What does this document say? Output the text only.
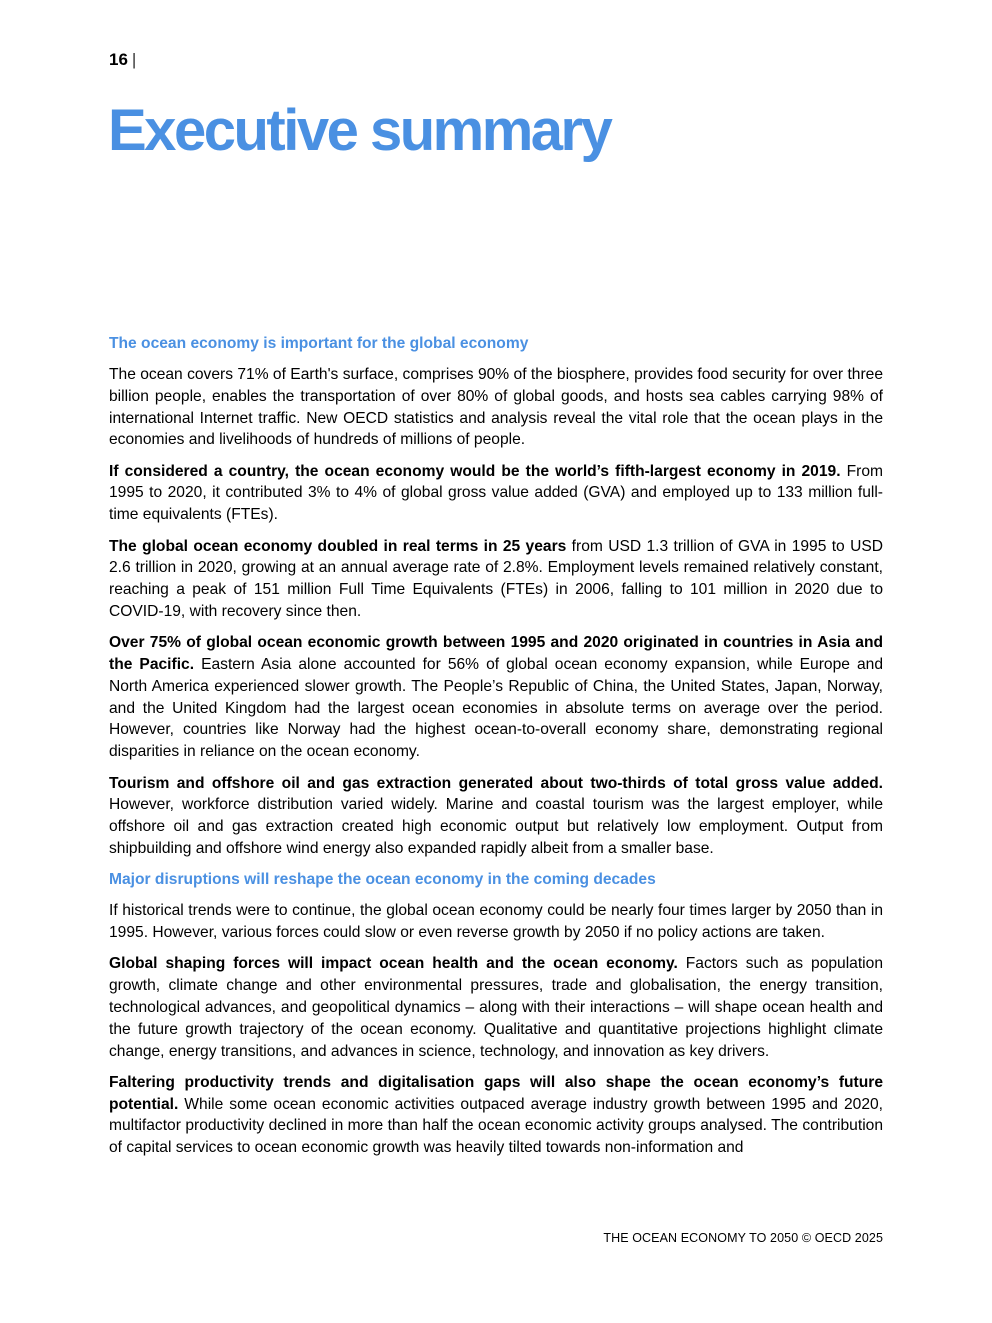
16 |
Executive summary
The ocean economy is important for the global economy

The ocean covers 71% of Earth's surface, comprises 90% of the biosphere, provides food security for over three billion people, enables the transportation of over 80% of global goods, and hosts sea cables carrying 98% of international Internet traffic. New OECD statistics and analysis reveal the vital role that the ocean plays in the economies and livelihoods of hundreds of millions of people.

If considered a country, the ocean economy would be the world’s fifth-largest economy in 2019. From 1995 to 2020, it contributed 3% to 4% of global gross value added (GVA) and employed up to 133 million full-time equivalents (FTEs).

The global ocean economy doubled in real terms in 25 years from USD 1.3 trillion of GVA in 1995 to USD 2.6 trillion in 2020, growing at an annual average rate of 2.8%. Employment levels remained relatively constant, reaching a peak of 151 million Full Time Equivalents (FTEs) in 2006, falling to 101 million in 2020 due to COVID-19, with recovery since then.

Over 75% of global ocean economic growth between 1995 and 2020 originated in countries in Asia and the Pacific. Eastern Asia alone accounted for 56% of global ocean economy expansion, while Europe and North America experienced slower growth. The People’s Republic of China, the United States, Japan, Norway, and the United Kingdom had the largest ocean economies in absolute terms on average over the period. However, countries like Norway had the highest ocean-to-overall economy share, demonstrating regional disparities in reliance on the ocean economy.

Tourism and offshore oil and gas extraction generated about two-thirds of total gross value added. However, workforce distribution varied widely. Marine and coastal tourism was the largest employer, while offshore oil and gas extraction created high economic output but relatively low employment. Output from shipbuilding and offshore wind energy also expanded rapidly albeit from a smaller base.

Major disruptions will reshape the ocean economy in the coming decades

If historical trends were to continue, the global ocean economy could be nearly four times larger by 2050 than in 1995. However, various forces could slow or even reverse growth by 2050 if no policy actions are taken.

Global shaping forces will impact ocean health and the ocean economy. Factors such as population growth, climate change and other environmental pressures, trade and globalisation, the energy transition, technological advances, and geopolitical dynamics – along with their interactions – will shape ocean health and the future growth trajectory of the ocean economy. Qualitative and quantitative projections highlight climate change, energy transitions, and advances in science, technology, and innovation as key drivers.

Faltering productivity trends and digitalisation gaps will also shape the ocean economy’s future potential. While some ocean economic activities outpaced average industry growth between 1995 and 2020, multifactor productivity declined in more than half the ocean economic activity groups analysed. The contribution of capital services to ocean economic growth was heavily tilted towards non-information and

THE OCEAN ECONOMY TO 2050 © OECD 2025
